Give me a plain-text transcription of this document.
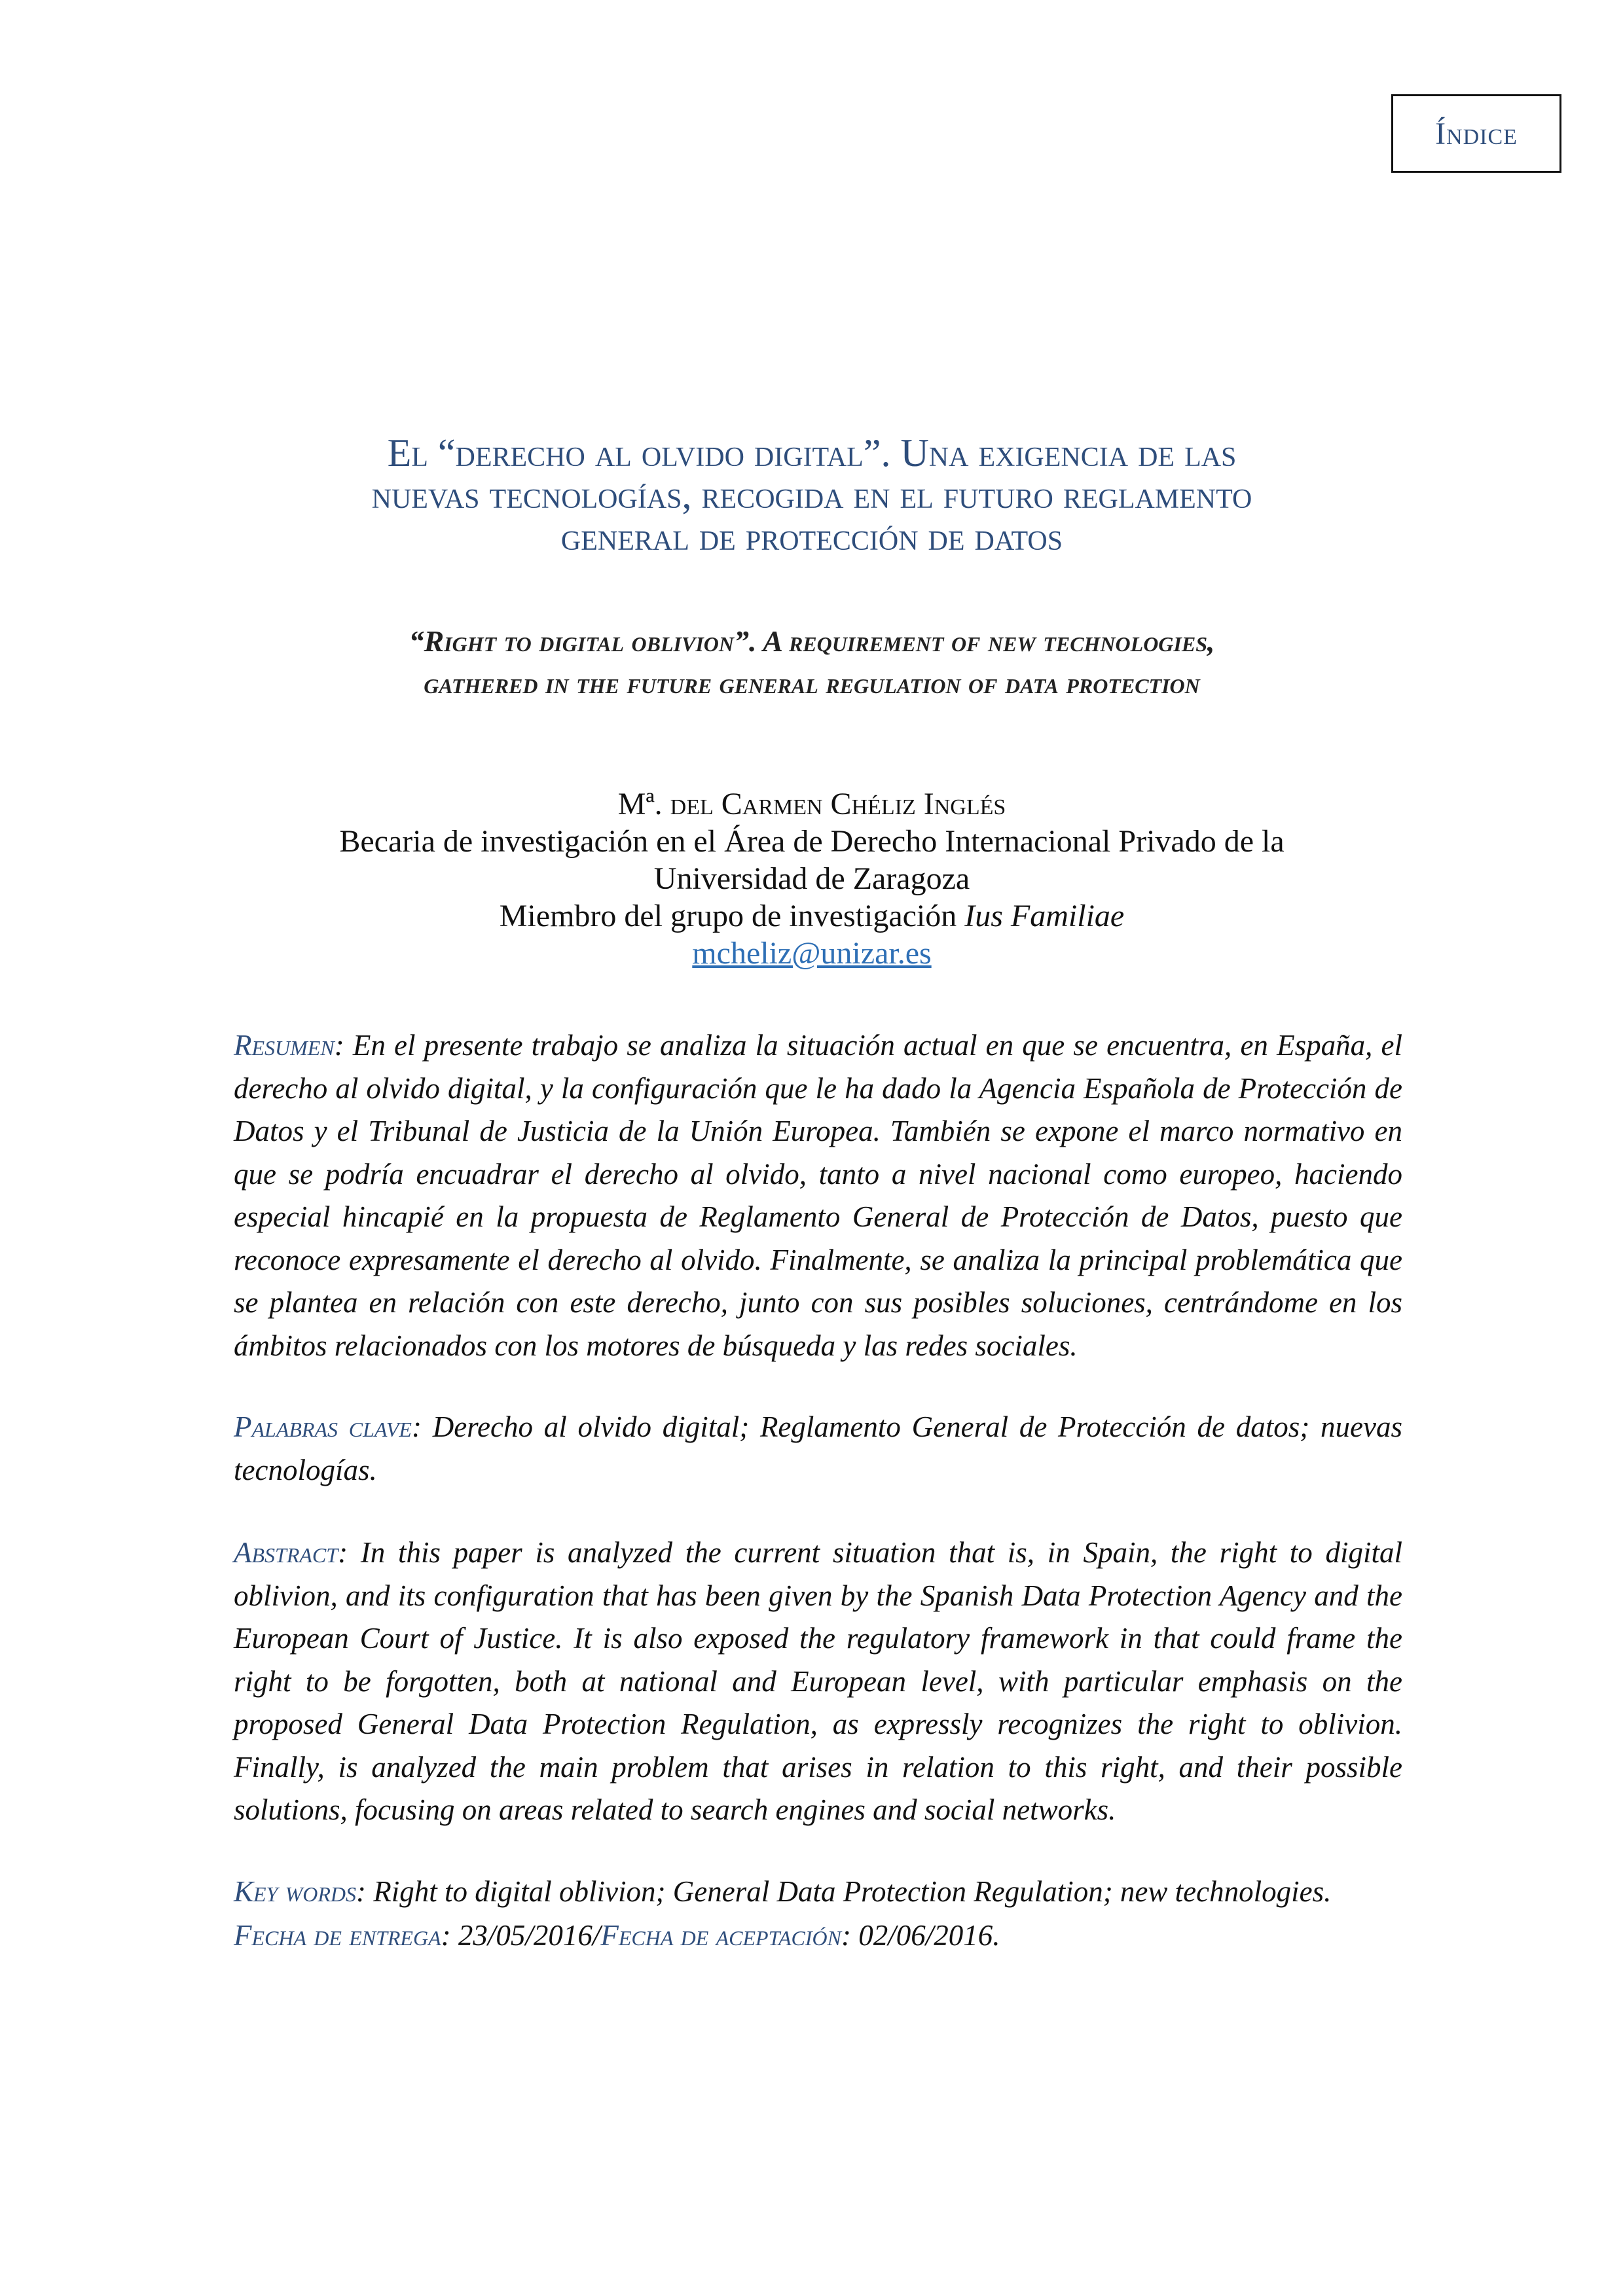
Índice
El “derecho al olvido digital”. Una exigencia de las
nuevas tecnologías, recogida en el futuro reglamento
general de protección de datos
“Right to digital oblivion”. A requirement of new technologies,
gathered in the future general regulation of data protection
Mª. del Carmen Chéliz Inglés
Becaria de investigación en el Área de Derecho Internacional Privado de la
Universidad de Zaragoza
Miembro del grupo de investigación Ius Familiae
mcheliz@unizar.es

Resumen: En el presente trabajo se analiza la situación actual en que se encuentra, en España, el derecho al olvido digital, y la configuración que le ha dado la Agencia Española de Protección de Datos y el Tribunal de Justicia de la Unión Europea. También se expone el marco normativo en que se podría encuadrar el derecho al olvido, tanto a nivel nacional como europeo, haciendo especial hincapié en la propuesta de Reglamento General de Protección de Datos, puesto que reconoce expresamente el derecho al olvido. Finalmente, se analiza la principal problemática que se plantea en relación con este derecho, junto con sus posibles soluciones, centrándome en los ámbitos relacionados con los motores de búsqueda y las redes sociales.

Palabras clave: Derecho al olvido digital; Reglamento General de Protección de datos; nuevas tecnologías.

Abstract: In this paper is analyzed the current situation that is, in Spain, the right to digital oblivion, and its configuration that has been given by the Spanish Data Protection Agency and the European Court of Justice. It is also exposed the regulatory framework in that could frame the right to be forgotten, both at national and European level, with particular emphasis on the proposed General Data Protection Regulation, as expressly recognizes the right to oblivion. Finally, is analyzed the main problem that arises in relation to this right, and their possible solutions, focusing on areas related to search engines and social networks.

Key words: Right to digital oblivion; General Data Protection Regulation; new technologies.

Fecha de entrega: 23/05/2016/Fecha de aceptación: 02/06/2016.
